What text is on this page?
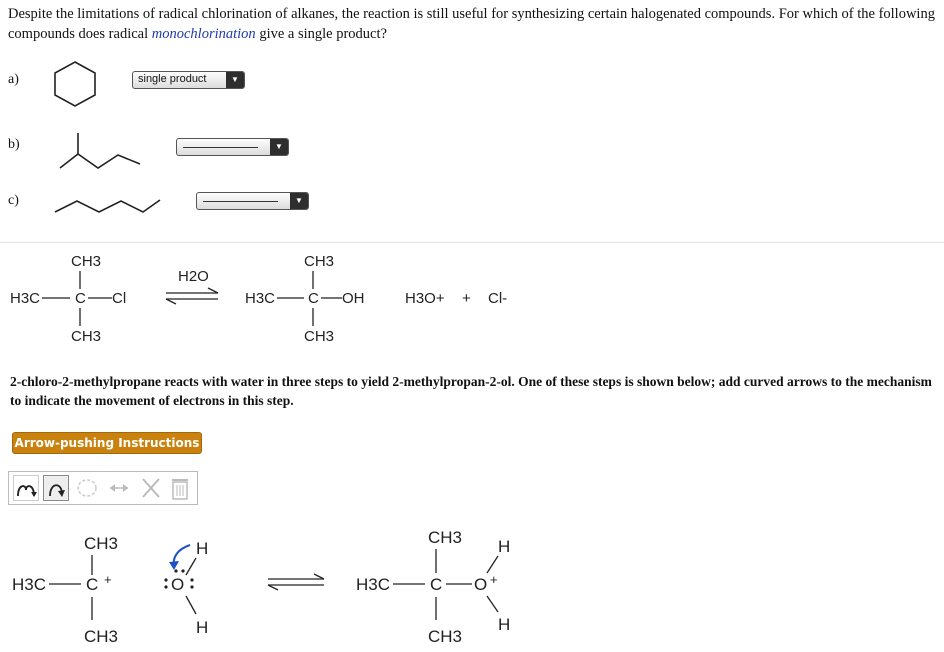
Despite the limitations of radical chlorination of alkanes, the reaction is still useful for synthesizing certain halogenated compounds. For which of the following compounds does radical monochlorination give a single product?
a)
b)
c)
single product	▼
▼
▼
CH3
H3C C Cl
CH3
H2O
CH3
H3C C OH
CH3
H3O+ + Cl-
CH3
H3C C +
CH3
H
O
H
CH3
H3C C O +
H
H
CH3
2-chloro-2-methylpropane reacts with water in three steps to yield 2-methylpropan-2-ol. One of these steps is shown below; add curved arrows to the mechanism to indicate the movement of electrons in this step.
Arrow-pushing Instructions
